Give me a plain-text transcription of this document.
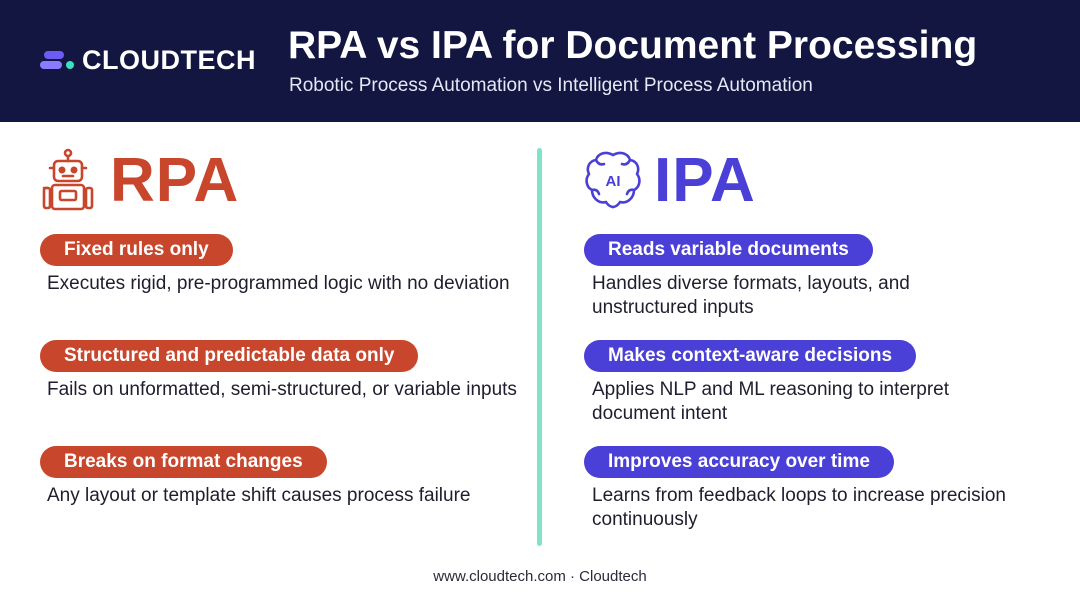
CLOUDTECH RPA vs IPA for Document Processing
Robotic Process Automation vs Intelligent Process Automation
RPA
Fixed rules only
Executes rigid, pre-programmed logic with no deviation
Structured and predictable data only
Fails on unformatted, semi-structured, or variable inputs
Breaks on format changes
Any layout or template shift causes process failure
AI IPA
Reads variable documents
Handles diverse formats, layouts, and unstructured inputs
Makes context-aware decisions
Applies NLP and ML reasoning to interpret document intent
Improves accuracy over time
Learns from feedback loops to increase precision continuously
www.cloudtech.com · Cloudtech
